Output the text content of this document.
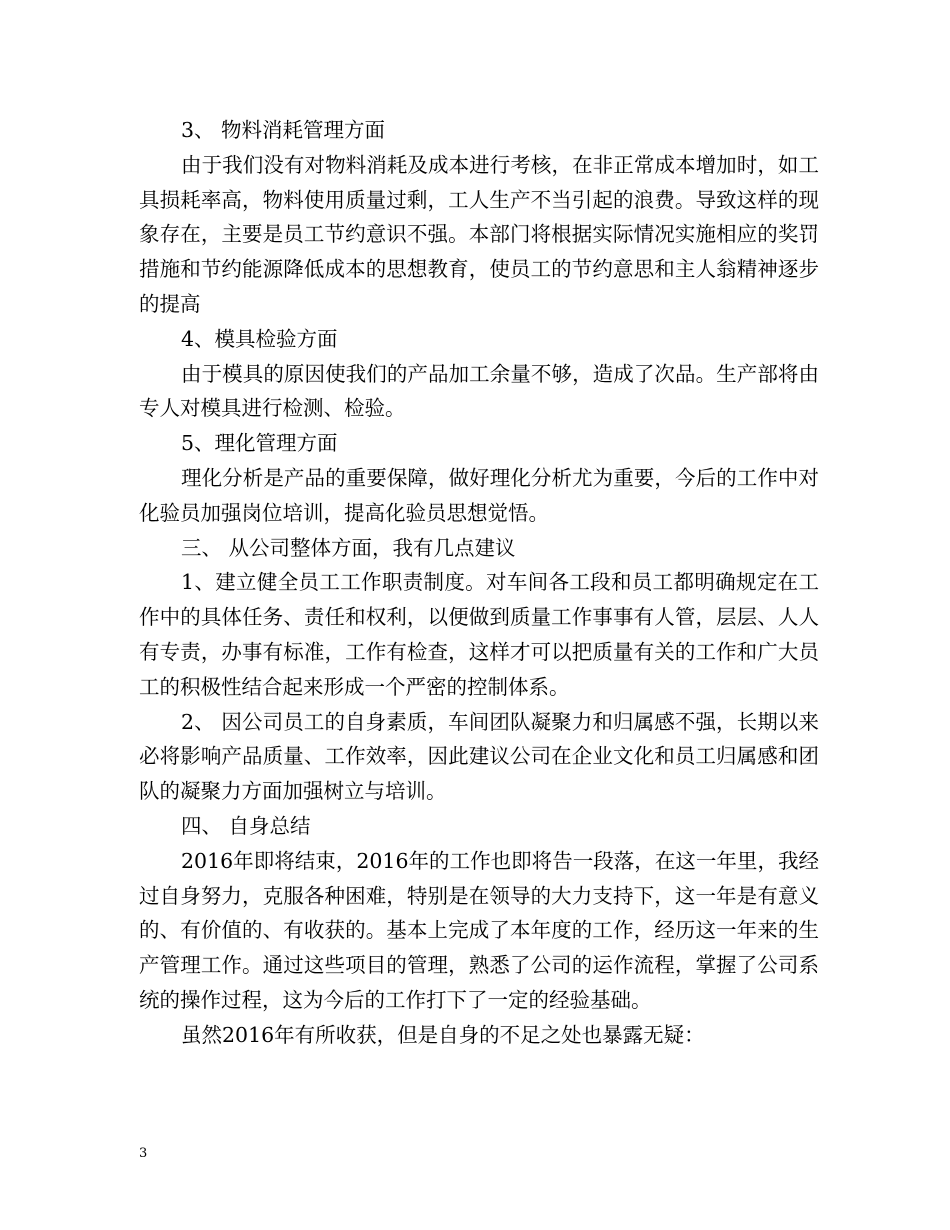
3、 物料消耗管理方面

由于我们没有对物料消耗及成本进行考核，在非正常成本增加时，如工具损耗率高，物料使用质量过剩，工人生产不当引起的浪费。导致这样的现象存在，主要是员工节约意识不强。本部门将根据实际情况实施相应的奖罚措施和节约能源降低成本的思想教育，使员工的节约意思和主人翁精神逐步的提高

4、模具检验方面

由于模具的原因使我们的产品加工余量不够，造成了次品。生产部将由专人对模具进行检测、检验。

5、理化管理方面

理化分析是产品的重要保障，做好理化分析尤为重要，今后的工作中对化验员加强岗位培训，提高化验员思想觉悟。

三、 从公司整体方面，我有几点建议

1、建立健全员工工作职责制度。对车间各工段和员工都明确规定在工作中的具体任务、责任和权利，以便做到质量工作事事有人管，层层、人人有专责，办事有标准，工作有检查，这样才可以把质量有关的工作和广大员工的积极性结合起来形成一个严密的控制体系。

2、 因公司员工的自身素质，车间团队凝聚力和归属感不强，长期以来必将影响产品质量、工作效率，因此建议公司在企业文化和员工归属感和团队的凝聚力方面加强树立与培训。

四、 自身总结

2016年即将结束，2016年的工作也即将告一段落，在这一年里，我经过自身努力，克服各种困难，特别是在领导的大力支持下，这一年是有意义的、有价值的、有收获的。基本上完成了本年度的工作，经历这一年来的生产管理工作。通过这些项目的管理，熟悉了公司的运作流程，掌握了公司系统的操作过程，这为今后的工作打下了一定的经验基础。

虽然2016年有所收获，但是自身的不足之处也暴露无疑：

3
